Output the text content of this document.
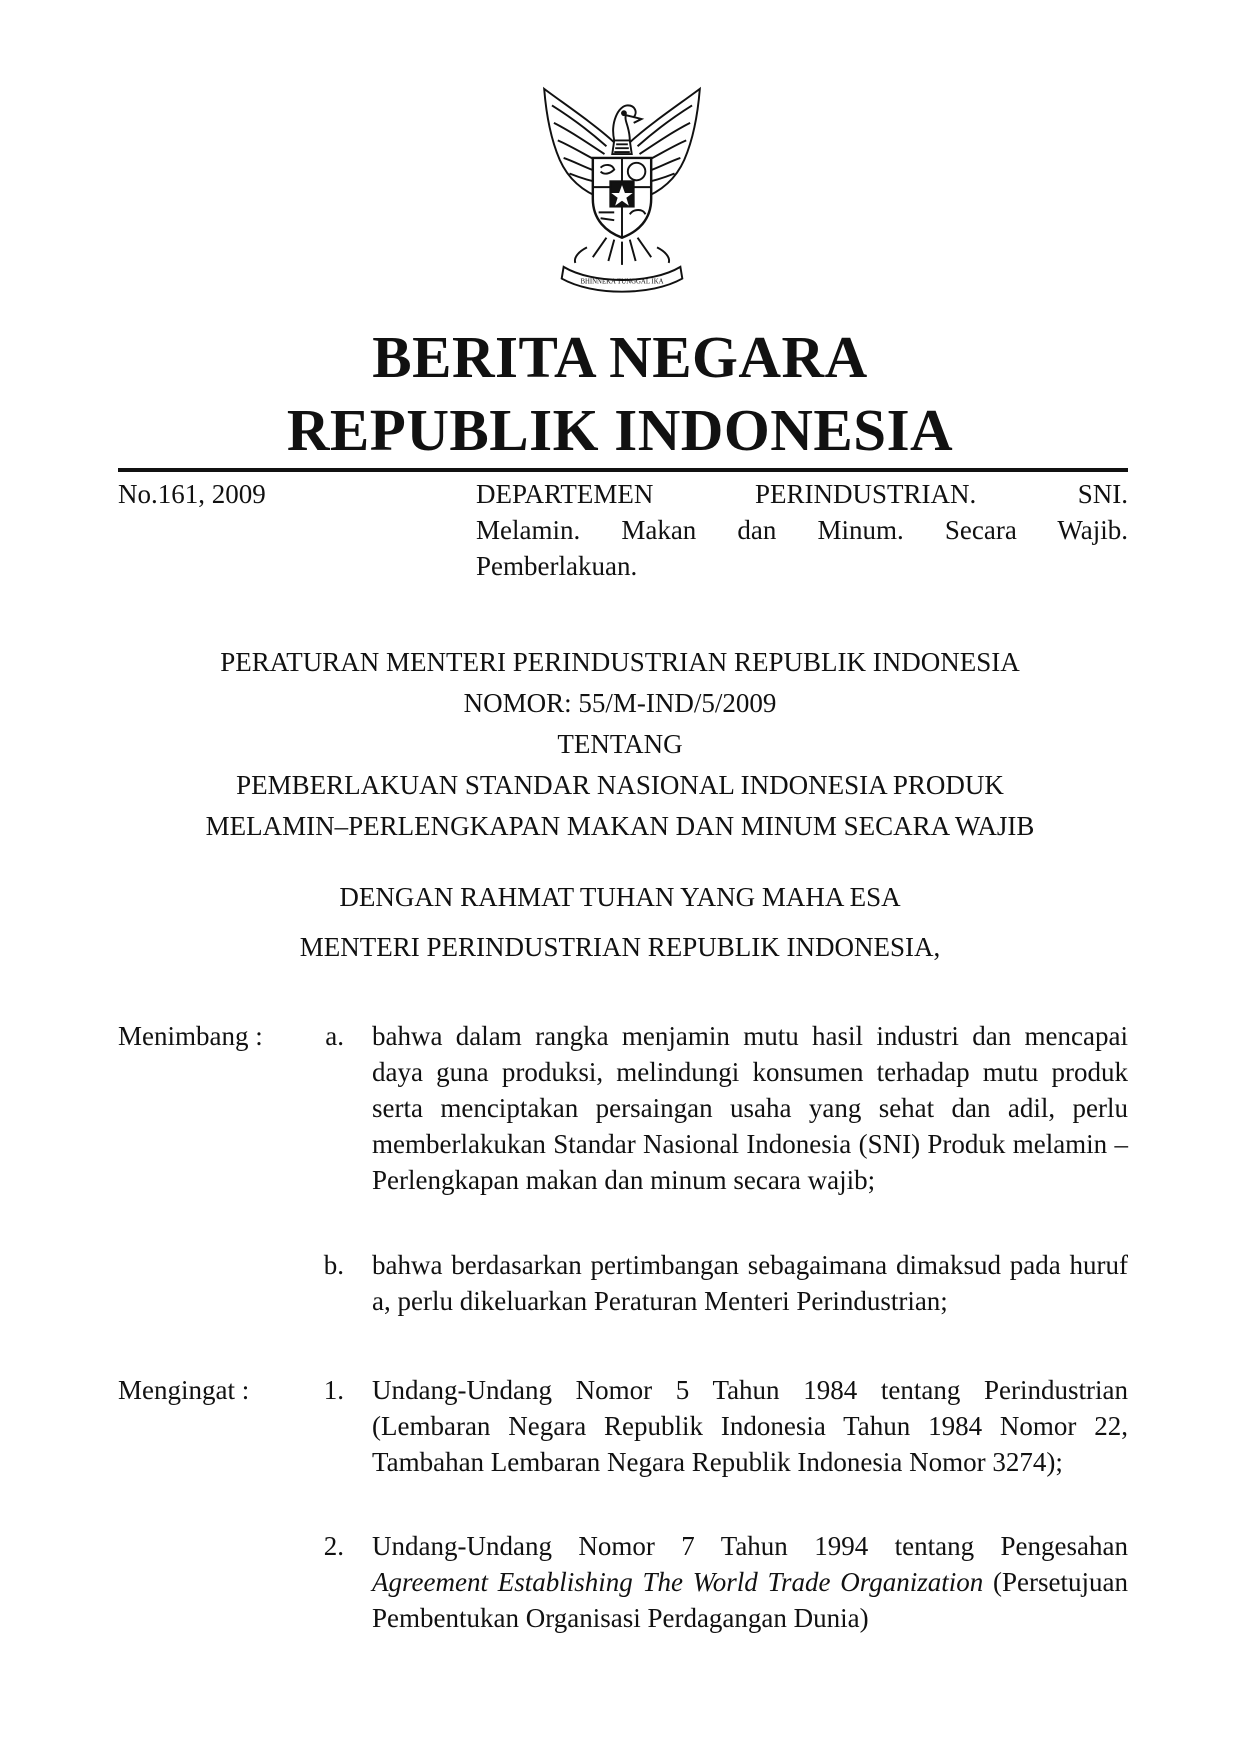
BHINNEKA TUNGGAL IKA
BERITA NEGARA
REPUBLIK INDONESIA
No.161, 2009	DEPARTEMEN PERINDUSTRIAN. SNI.
Melamin. Makan dan Minum. Secara Wajib.
Pemberlakuan.
PERATURAN MENTERI PERINDUSTRIAN REPUBLIK INDONESIA
NOMOR: 55/M-IND/5/2009
TENTANG
PEMBERLAKUAN STANDAR NASIONAL INDONESIA PRODUK
MELAMIN–PERLENGKAPAN MAKAN DAN MINUM SECARA WAJIB
DENGAN RAHMAT TUHAN YANG MAHA ESA
MENTERI PERINDUSTRIAN REPUBLIK INDONESIA,
Menimbang :	a. bahwa dalam rangka menjamin mutu hasil industri dan mencapai daya guna produksi, melindungi konsumen terhadap mutu produk serta menciptakan persaingan usaha yang sehat dan adil, perlu memberlakukan Standar Nasional Indonesia (SNI) Produk melamin – Perlengkapan makan dan minum secara wajib;
b. bahwa berdasarkan pertimbangan sebagaimana dimaksud pada huruf a, perlu dikeluarkan Peraturan Menteri Perindustrian;
Mengingat :	1. Undang-Undang Nomor 5 Tahun 1984 tentang Perindustrian (Lembaran Negara Republik Indonesia Tahun 1984 Nomor 22, Tambahan Lembaran Negara Republik Indonesia Nomor 3274);
2. Undang-Undang Nomor 7 Tahun 1994 tentang Pengesahan Agreement Establishing The World Trade Organization (Persetujuan Pembentukan Organisasi Perdagangan Dunia)
